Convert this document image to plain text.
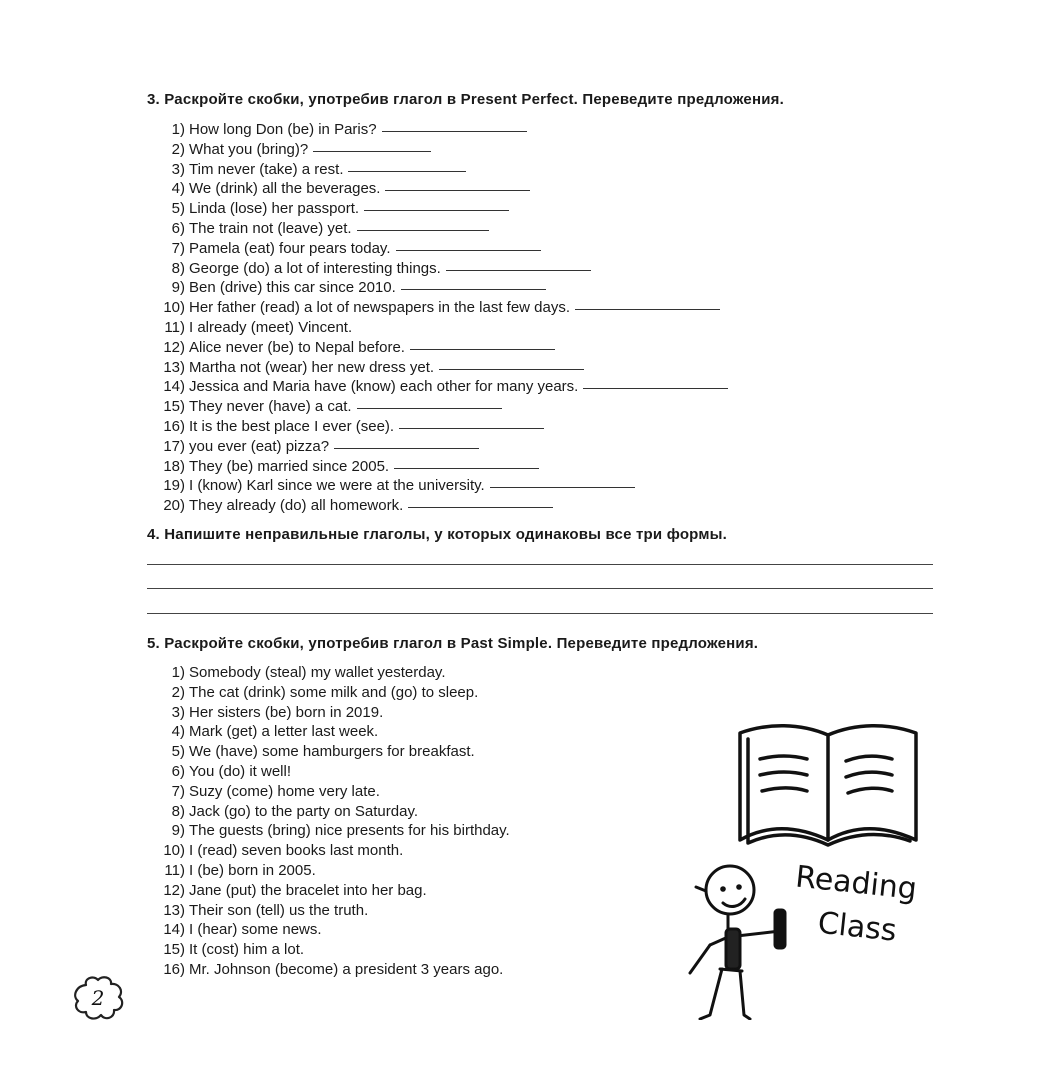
3. Раскройте скобки, употребив глагол в Present Perfect. Переведите предложения.
1) How long Don (be) in Paris?
2) What you (bring)?
3) Tim never (take) a rest.
4) We (drink) all the beverages.
5) Linda (lose) her passport.
6) The train not (leave) yet.
7) Pamela (eat) four pears today.
8) George (do) a lot of interesting things.
9) Ben (drive) this car since 2010.
10) Her father (read) a lot of newspapers in the last few days.
11) I already (meet) Vincent.
12) Alice never (be) to Nepal before.
13) Martha not (wear) her new dress yet.
14) Jessica and Maria have (know) each other for many years.
15) They never (have) a cat.
16) It is the best place I ever (see).
17) you ever (eat) pizza?
18) They (be) married since 2005.
19) I (know) Karl since we were at the university.
20) They already (do) all homework.
4. Напишите неправильные глаголы, у которых одинаковы все три формы.
5. Раскройте скобки, употребив глагол в Past Simple. Переведите предложения.
1) Somebody (steal) my wallet yesterday.
2) The cat (drink) some milk and (go) to sleep.
3) Her sisters (be) born in 2019.
4) Mark (get) a letter last week.
5) We (have) some hamburgers for breakfast.
6) You (do) it well!
7) Suzy (come) home very late.
8) Jack (go) to the party on Saturday.
9) The guests (bring) nice presents for his birthday.
10) I (read) seven books last month.
11) I (be) born in 2005.
12) Jane (put) the bracelet into her bag.
13) Their son (tell) us the truth.
14) I (hear) some news.
15) It (cost) him a lot.
16) Mr. Johnson (become) a president 3 years ago.
Reading
Class
2
